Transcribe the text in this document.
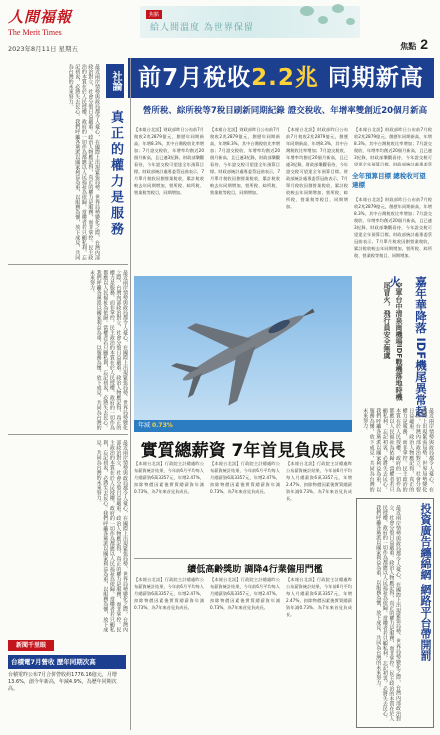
人間福報
The Merit Times
2023年8月11日 星期五
焦點
給人間溫度 為世界保留
焦點 2
前7月稅收2.2兆 同期新高
營所稅、綜所稅等7稅目刷新同期紀錄 證交稅收、年增率雙創近20個月新高
【本報台北訊】財政部昨日公布前7月稅收2兆2879億元，創歷年同期新高，年增8.3%，其中台灣稅收比率增加；7月證交稅收、年增率均創近20個月新高，且已連3紀錄，財政部樂觀看待，今年證交稅可望達全年預算目標。財政部統計處專委蔡冠曲表示，7月單月稅收因創營業稅收，累計稅收較去年同期增加，營所稅、綜所稅、營業稅等稅目，同期增加。
【本報台北訊】財政部昨日公布前7月稅收2兆2879億元，創歷年同期新高，年增8.3%，其中台灣稅收比率增加；7月證交稅收、年增率均創近20個月新高，且已連3紀錄，財政部樂觀看待，今年證交稅可望達全年預算目標。財政部統計處專委蔡冠曲表示，7月單月稅收因創營業稅收，累計稅收較去年同期增加，營所稅、綜所稅、營業稅等稅目，同期增加。
【本報台北訊】財政部昨日公布前7月稅收2兆2879億元，創歷年同期新高，年增8.3%，其中台灣稅收比率增加；7月證交稅收、年增率均創近20個月新高，且已連3紀錄，財政部樂觀看待，今年證交稅可望達全年預算目標。財政部統計處專委蔡冠曲表示，7月單月稅收因創營業稅收，累計稅收較去年同期增加，營所稅、綜所稅、營業稅等稅目，同期增加。
【本報台北訊】財政部昨日公布前7月稅收2兆2879億元，創歷年同期新高，年增8.3%，其中台灣稅收比率增加；7月證交稅收、年增率均創近20個月新高，且已連3紀錄，財政部樂觀看待，今年證交稅可望達全年預算目標。財政部統計處專委蔡
全年預算目標 總稅收可望達標
【本報台北訊】財政部昨日公布前7月稅收2兆2879億元，創歷年同期新高，年增8.3%，其中台灣稅收比率增加；7月證交稅收、年增率均創近20個月新高，且已連3紀錄，財政部樂觀看待，今年證交稅可望達全年預算目標。財政部統計處專委蔡冠曲表示，7月單月稅收因創營業稅收，累計稅收較去年同期增加，營所稅、綜所稅、營業稅等稅目，同期增加。
社論
真正的權力是服務
最近兩岸情勢與政局都令人憂心，在國際上出現緊張局勢、世界局勢變化之際，台灣內部政治對立、社會分裂日益嚴重。政治人物應記得，真正的權力是服務，而非掌控。民主政治的本質在於人民授權，政府的一切作為都應以人民福祉為依歸。當權者若只顧私利，忘記初衷，必將失去民心。我們呼籲各黨派以國家利益為重，以服務為懷，放下成見，共同為台灣的未來努力。
最近兩岸情勢與政局都令人憂心，在國際上出現緊張局勢、世界局勢變化之際，台灣內部政治對立、社會分裂日益嚴重。政治人物應記得，真正的權力是服務，而非掌控。民主政治的本質在於人民授權，政府的一切作為都應以人民福祉為依歸。當權者若只顧私利，忘記初衷，必將失去民心。我們呼籲各黨派以國家利益為重，以服務為懷，放下成見，共同為台灣的未來努力。
最近兩岸情勢與政局都令人憂心，在國際上出現緊張局勢、世界局勢變化之際，台灣內部政治對立、社會分裂日益嚴重。政治人物應記得，真正的權力是服務，而非掌控。民主政治的本質在於人民授權，政府的一切作為都應以人民福祉為依歸。當權者若只顧私利，忘記初衷，必將失去民心。我們呼籲各黨派以國家利益為重，以服務為懷，放下成見，共同為台灣的未來努力。
年減 0.73%
嘉年華降落 IDF機尾異常起火
空軍台中清泉崗機場IDF戰機落地時機尾冒火，飛行員安全無虞
最近兩岸情勢與政局都令人憂心，在國際上出現緊張局勢、世界局勢變化之際，台灣內部政治對立、社會分裂日益嚴重。政治人物應記得，真正的權力是服務，而非掌控。民主政治的本質在於人民授權，政府的一切作為都應以人民福祉為依歸。當權者若只顧私利，忘記初衷，必將失去民心。我們呼籲各黨派以國家利益為重，以服務為懷，放下成見，共同為台灣的未來努力。
實質總薪資 7年首見負成長
【本報台北訊】行政院主計總處昨公布薪資統計結果，今年前6月平均每人月總薪資6萬3357元，年增2.47%，扣除物價因素後實質總薪資年減0.73%，為7年來首見負成長。
【本報台北訊】行政院主計總處昨公布薪資統計結果，今年前6月平均每人月總薪資6萬3357元，年增2.47%，扣除物價因素後實質總薪資年減0.73%，為7年來首見負成長。
【本報台北訊】行政院主計總處昨公布薪資統計結果，今年前6月平均每人月總薪資6萬3357元，年增2.47%，扣除物價因素後實質總薪資年減0.73%，為7年來首見負成長。
續低高齡獎助 調降4行業僱用門檻
【本報台北訊】行政院主計總處昨公布薪資統計結果，今年前6月平均每人月總薪資6萬3357元，年增2.47%，扣除物價因素後實質總薪資年減0.73%，為7年來首見負成長。
【本報台北訊】行政院主計總處昨公布薪資統計結果，今年前6月平均每人月總薪資6萬3357元，年增2.47%，扣除物價因素後實質總薪資年減0.73%，為7年來首見負成長。
【本報台北訊】行政院主計總處昨公布薪資統計結果，今年前6月平均每人月總薪資6萬3357元，年增2.47%，扣除物價因素後實質總薪資年減0.73%，為7年來首見負成長。	投資廣告纏綿網 網路平台帶開罰
最近兩岸情勢與政局都令人憂心，在國際上出現緊張局勢、世界局勢變化之際，台灣內部政治對立、社會分裂日益嚴重。政治人物應記得，真正的權力是服務，而非掌控。民主政治的本質在於人民授權，政府的一切作為都應以人民福祉為依歸。當權者若只顧私利，忘記初衷，必將失去民心。我們呼籲各黨派以國家利益為重，以服務為懷，放下成見，共同為台灣的未來努力。
新聞千里眼
台積電7月營收 歷年同期次高
台積電昨公布7月合併營收約1776.16億元，月增13.6%，創今年新高，年減4.9%，為歷年同期次高。
